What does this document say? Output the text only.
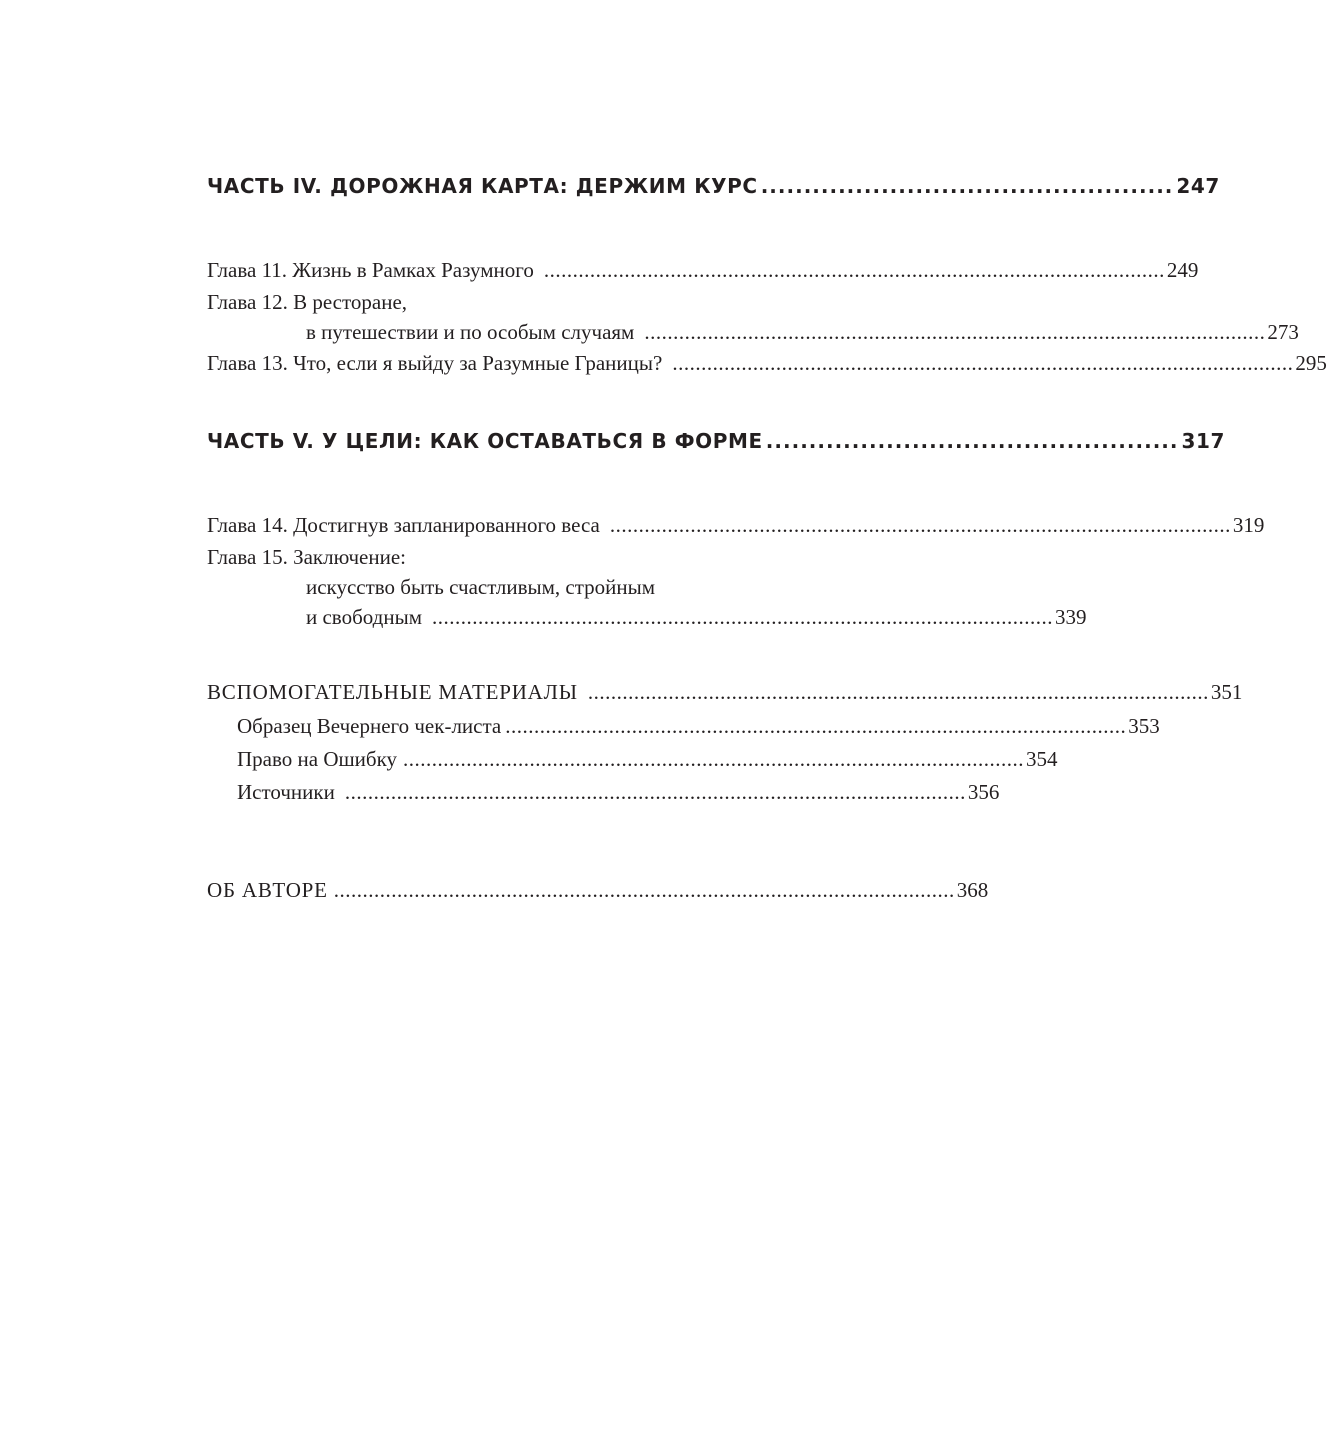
ЧАСТЬ IV. ДОРОЖНАЯ КАРТА: ДЕРЖИМ КУРС ................................................ 247
Глава 11.
Жизнь в Рамках Разумного ............................................................................................................ 249
Глава 12.
В ресторане,
в путешествии и по особым случаям ............................................................................................................ 273
Глава 13.
Что, если я выйду за Разумные Границы? ............................................................................................................ 295
ЧАСТЬ V. У ЦЕЛИ: КАК ОСТАВАТЬСЯ В ФОРМЕ ................................................ 317
Глава 14.
Достигнув запланированного веса ............................................................................................................ 319
Глава 15.
Заключение:
искусство быть счастливым, стройным
и свободным ............................................................................................................ 339
ВСПОМОГАТЕЛЬНЫЕ МАТЕРИАЛЫ ............................................................................................................ 351
Образец Вечернего чек-листа ............................................................................................................ 353
Право на Ошибку ............................................................................................................ 354
Источники ............................................................................................................ 356
ОБ АВТОРЕ ............................................................................................................ 368
